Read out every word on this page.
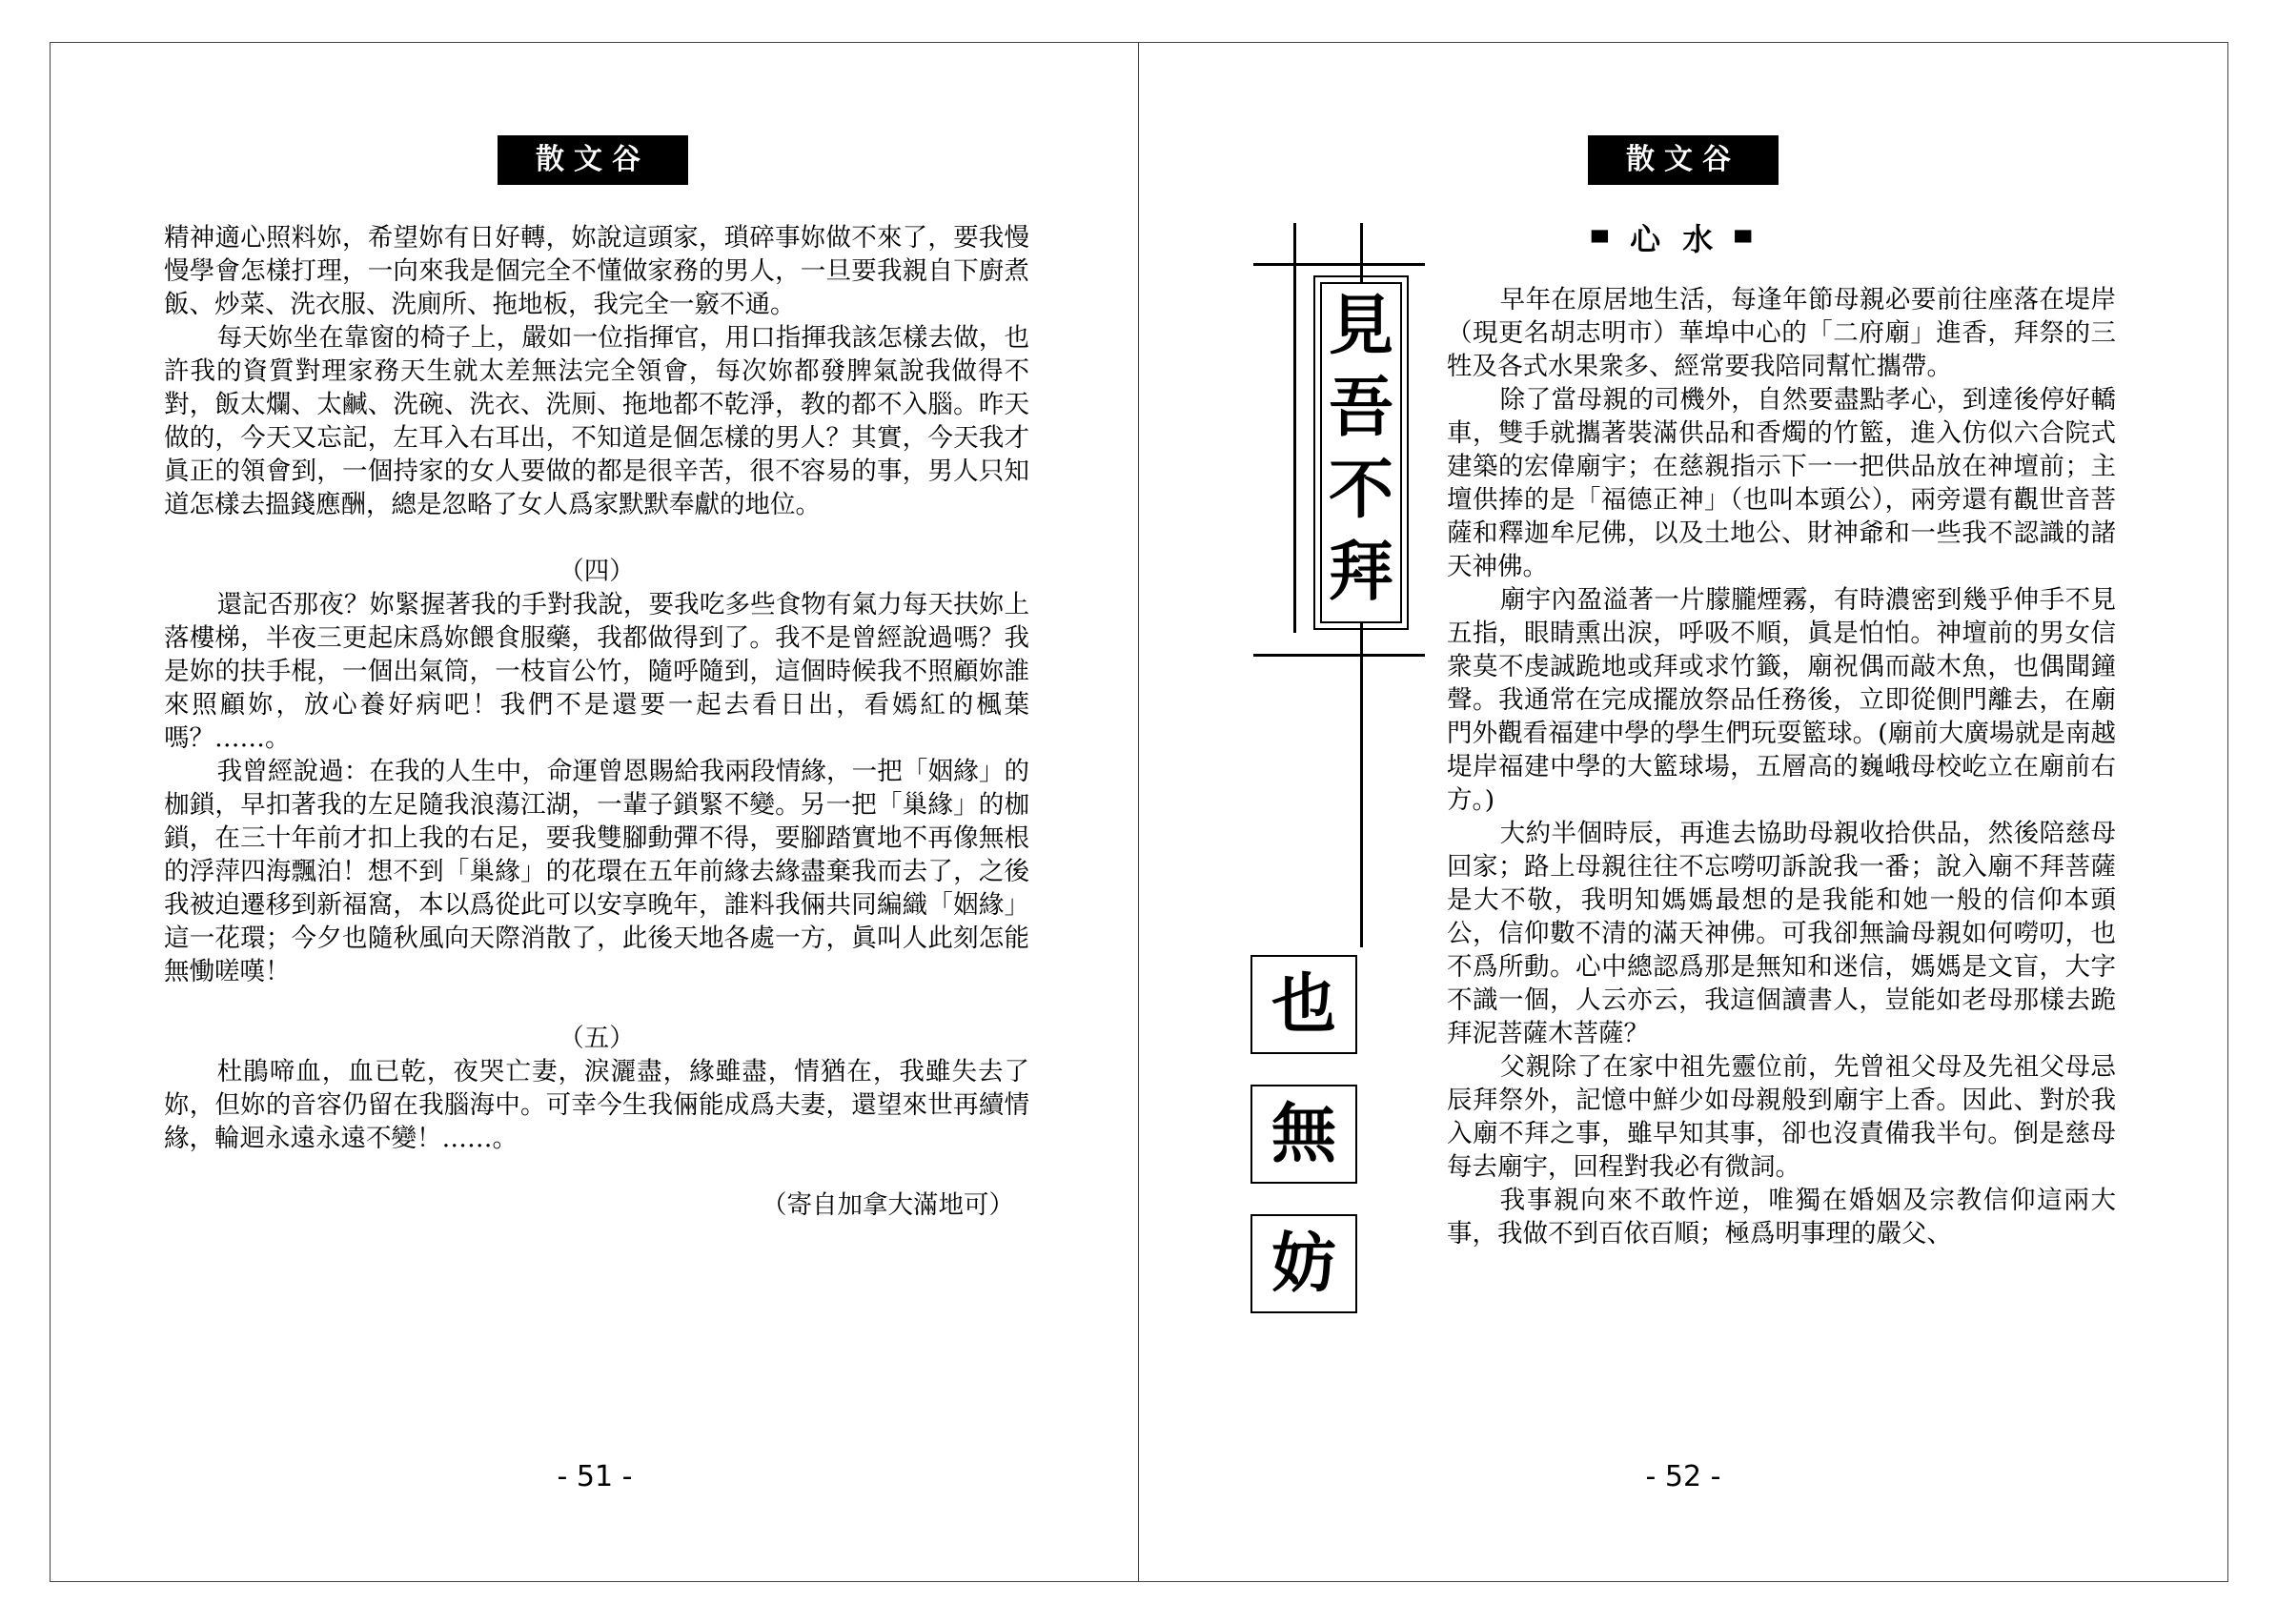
散文谷

精神適心照料妳，希望妳有日好轉，妳說這頭家，瑣碎事妳做不來了，要我慢慢學會怎樣打理，一向來我是個完全不懂做家務的男人，一旦要我親自下廚煮飯、炒菜、洗衣服、洗廁所、拖地板，我完全一竅不通。

每天妳坐在靠窗的椅子上，嚴如一位指揮官，用口指揮我該怎樣去做，也許我的資質對理家務天生就太差無法完全領會，每次妳都發脾氣說我做得不對，飯太爛、太鹹、洗碗、洗衣、洗厠、拖地都不乾淨，教的都不入腦。昨天做的，今天又忘記，左耳入右耳出，不知道是個怎樣的男人？其實，今天我才眞正的領會到，一個持家的女人要做的都是很辛苦，很不容易的事，男人只知道怎樣去搵錢應酬，總是忽略了女人爲家默默奉獻的地位。

（四）

還記否那夜？妳緊握著我的手對我說，要我吃多些食物有氣力每天扶妳上落樓梯，半夜三更起床爲妳餵食服藥，我都做得到了。我不是曾經說過嗎？我是妳的扶手棍，一個出氣筒，一枝盲公竹，隨呼隨到，這個時候我不照顧妳誰來照顧妳，放心養好病吧！我們不是還要一起去看日出，看嫣紅的楓葉嗎？……。

我曾經說過：在我的人生中，命運曾恩賜給我兩段情緣，一把「姻緣」的枷鎖，早扣著我的左足隨我浪蕩江湖，一輩子鎖緊不變。另一把「巢緣」的枷鎖，在三十年前才扣上我的右足，要我雙腳動彈不得，要腳踏實地不再像無根的浮萍四海飄泊！想不到「巢緣」的花環在五年前緣去緣盡棄我而去了，之後我被迫遷移到新福窩，本以爲從此可以安享晚年，誰料我倆共同編織「姻緣」這一花環；今夕也隨秋風向天際消散了，此後天地各處一方，眞叫人此刻怎能無慟嗟嘆！

（五）

杜鵑啼血，血已乾，夜哭亡妻，淚灑盡，緣雖盡，情猶在，我雖失去了妳，但妳的音容仍留在我腦海中。可幸今生我倆能成爲夫妻，還望來世再續情緣，輪迴永遠永遠不變！……。

（寄自加拿大滿地可）

- 51 -
散文谷
▀ 心 水 ▀
見
吾
不
拜
也
無
妨

早年在原居地生活，每逢年節母親必要前往座落在堤岸（現更名胡志明市）華埠中心的「二府廟」進香，拜祭的三牲及各式水果衆多、經常要我陪同幫忙攜帶。

除了當母親的司機外，自然要盡點孝心，到達後停好轎車，雙手就攜著裝滿供品和香燭的竹籃，進入仿似六合院式建築的宏偉廟宇；在慈親指示下一一把供品放在神壇前；主壇供捧的是「福德正神」（也叫本頭公），兩旁還有觀世音菩薩和釋迦牟尼佛，以及土地公、財神爺和一些我不認識的諸天神佛。

廟宇內盈溢著一片朦朧煙霧，有時濃密到幾乎伸手不見五指，眼睛熏出淚，呼吸不順，眞是怕怕。神壇前的男女信衆莫不虔誠跪地或拜或求竹籤，廟祝偶而敲木魚，也偶聞鐘聲。我通常在完成擺放祭品任務後，立即從側門離去，在廟門外觀看福建中學的學生們玩耍籃球。(廟前大廣場就是南越堤岸福建中學的大籃球場，五層高的巍峨母校屹立在廟前右方。)

大約半個時辰，再進去協助母親收拾供品，然後陪慈母回家；路上母親往往不忘嘮叨訴說我一番；說入廟不拜菩薩是大不敬，我明知媽媽最想的是我能和她一般的信仰本頭公，信仰數不清的滿天神佛。可我卻無論母親如何嘮叨，也不爲所動。心中總認爲那是無知和迷信，媽媽是文盲，大字不識一個，人云亦云，我這個讀書人，豈能如老母那樣去跪拜泥菩薩木菩薩？

父親除了在家中祖先靈位前，先曾祖父母及先祖父母忌辰拜祭外，記憶中鮮少如母親般到廟宇上香。因此、對於我入廟不拜之事，雖早知其事，卻也沒責備我半句。倒是慈母每去廟宇，回程對我必有微詞。

我事親向來不敢忤逆，唯獨在婚姻及宗教信仰這兩大事，我做不到百依百順；極爲明事理的嚴父、

- 52 -
